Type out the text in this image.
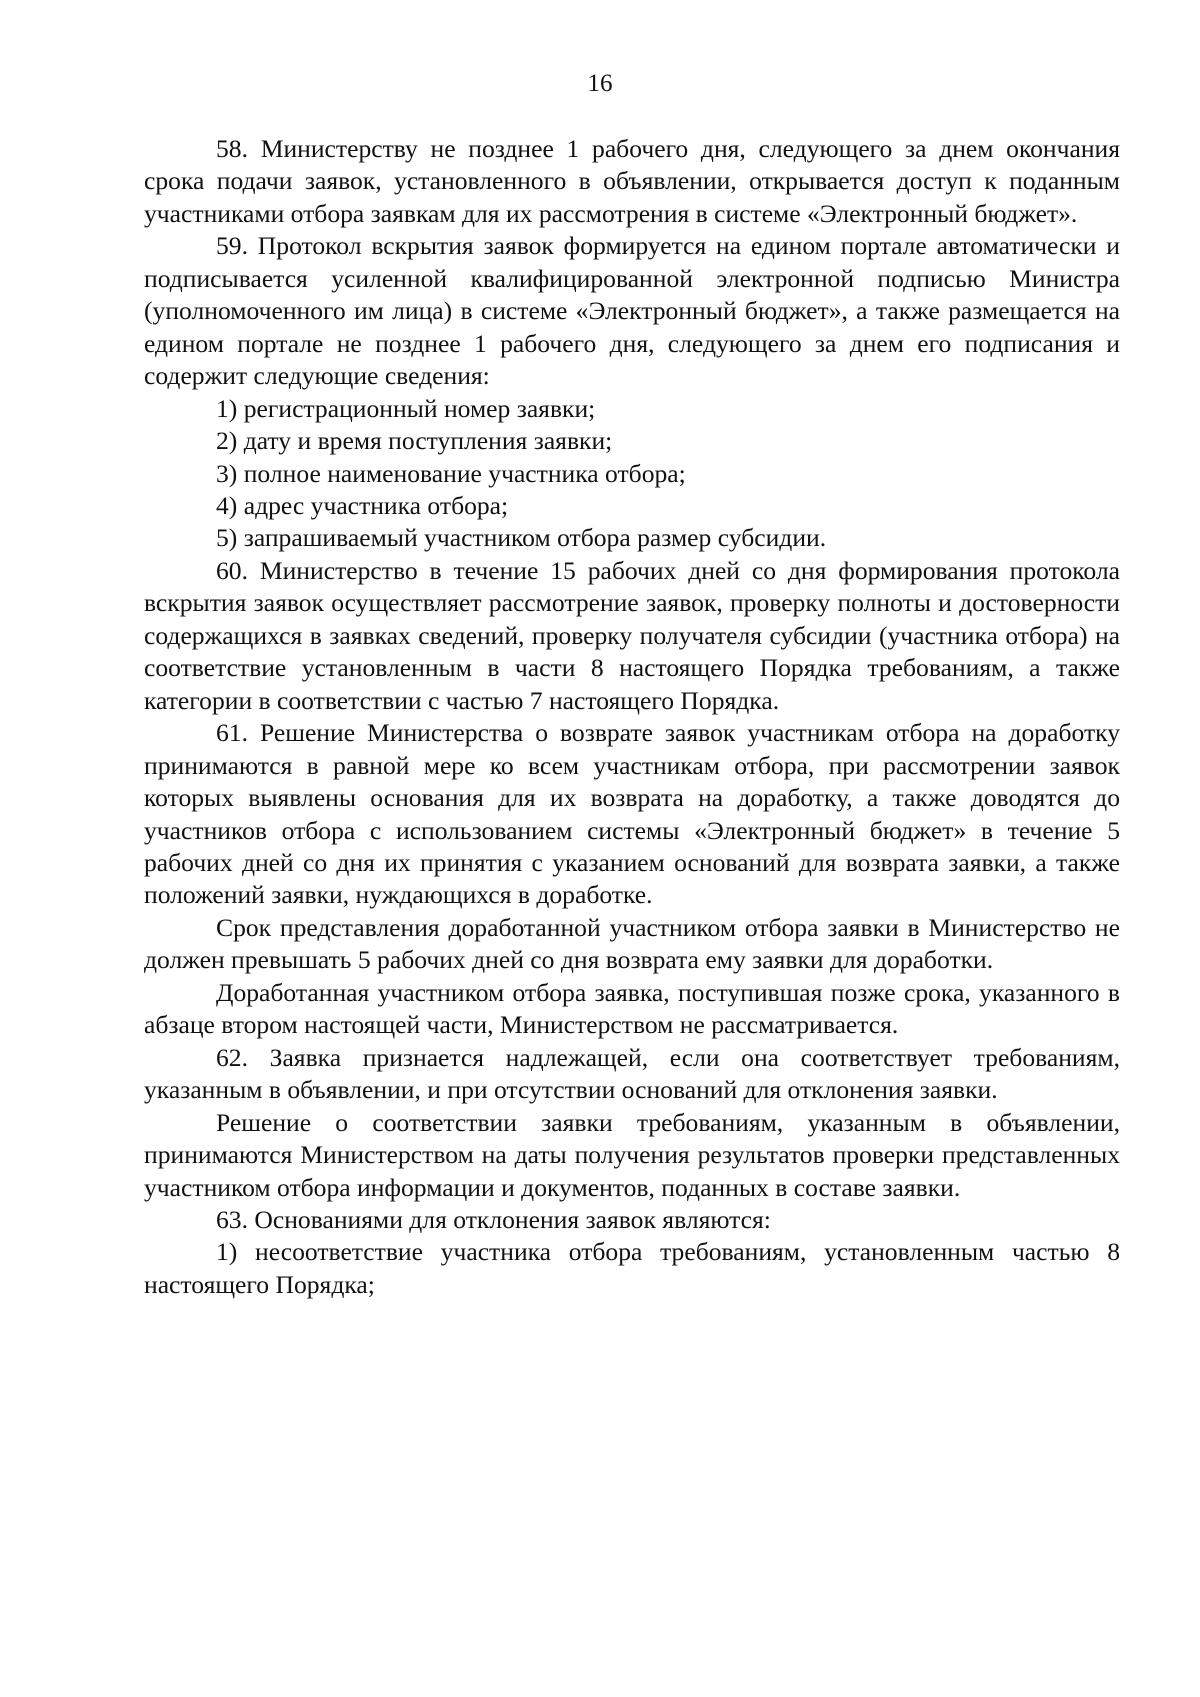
16

58. Министерству не позднее 1 рабочего дня, следующего за днем окончания срока подачи заявок, установленного в объявлении, открывается доступ к поданным участниками отбора заявкам для их рассмотрения в системе «Электронный бюджет».

59. Протокол вскрытия заявок формируется на едином портале автоматически и подписывается усиленной квалифицированной электронной подписью Министра (уполномоченного им лица) в системе «Электронный бюджет», а также размещается на едином портале не позднее 1 рабочего дня, следующего за днем его подписания и содержит следующие сведения:

1) регистрационный номер заявки;

2) дату и время поступления заявки;

3) полное наименование участника отбора;

4) адрес участника отбора;

5) запрашиваемый участником отбора размер субсидии.

60. Министерство в течение 15 рабочих дней со дня формирования протокола вскрытия заявок осуществляет рассмотрение заявок, проверку полноты и достоверности содержащихся в заявках сведений, проверку получателя субсидии (участника отбора) на соответствие установленным в части 8 настоящего Порядка требованиям, а также категории в соответствии с частью 7 настоящего Порядка.

61. Решение Министерства о возврате заявок участникам отбора на доработку принимаются в равной мере ко всем участникам отбора, при рассмотрении заявок которых выявлены основания для их возврата на доработку, а также доводятся до участников отбора с использованием системы «Электронный бюджет» в течение 5 рабочих дней со дня их принятия с указанием оснований для возврата заявки, а также положений заявки, нуждающихся в доработке.

Срок представления доработанной участником отбора заявки в Министерство не должен превышать 5 рабочих дней со дня возврата ему заявки для доработки.

Доработанная участником отбора заявка, поступившая позже срока, указанного в абзаце втором настоящей части, Министерством не рассматривается.

62. Заявка признается надлежащей, если она соответствует требованиям, указанным в объявлении, и при отсутствии оснований для отклонения заявки.

Решение о соответствии заявки требованиям, указанным в объявлении, принимаются Министерством на даты получения результатов проверки представленных участником отбора информации и документов, поданных в составе заявки.

63. Основаниями для отклонения заявок являются:

1) несоответствие участника отбора требованиям, установленным частью 8 настоящего Порядка;
